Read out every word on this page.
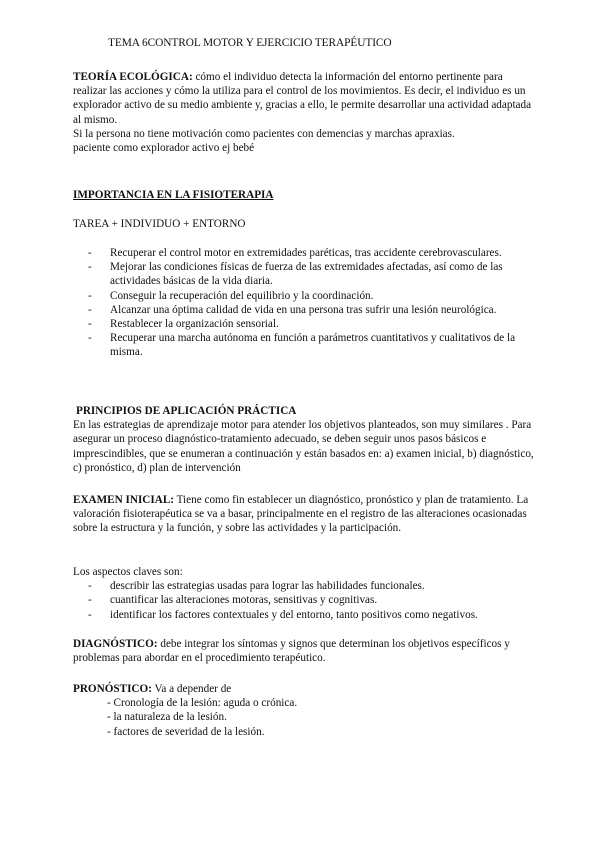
TEMA 6CONTROL MOTOR Y EJERCICIO TERAPÉUTICO

TEORÍA ECOLÓGICA: cómo el individuo detecta la información del entorno pertinente para realizar las acciones y cómo la utiliza para el control de los movimientos. Es decir, el individuo es un explorador activo de su medio ambiente y, gracias a ello, le permite desarrollar una actividad adaptada al mismo.

Si la persona no tiene motivación como pacientes con demencias y marchas apraxias.

paciente como explorador activo ej bebé

IMPORTANCIA EN LA FISIOTERAPIA

TAREA + INDIVIDUO + ENTORNO

- Recuperar el control motor en extremidades paréticas, tras accidente cerebrovasculares.
- Mejorar las condiciones físicas de fuerza de las extremidades afectadas, así como de las actividades básicas de la vida diaria.
- Conseguir la recuperación del equilibrio y la coordinación.
- Alcanzar una óptima calidad de vida en una persona tras sufrir una lesión neurológica.
- Restablecer la organización sensorial.
- Recuperar una marcha autónoma en función a parámetros cuantitativos y cualitativos de la misma.

PRINCIPIOS DE APLICACIÓN PRÁCTICA

En las estrategias de aprendizaje motor para atender los objetivos planteados, son muy similares . Para asegurar un proceso diagnóstico-tratamiento adecuado, se deben seguir unos pasos básicos e imprescindibles, que se enumeran a continuación y están basados en: a) examen inicial, b) diagnóstico, c) pronóstico, d) plan de intervención

EXAMEN INICIAL: Tiene como fin establecer un diagnóstico, pronóstico y plan de tratamiento. La valoración fisioterapéutica se va a basar, principalmente en el registro de las alteraciones ocasionadas sobre la estructura y la función, y sobre las actividades y la participación.

Los aspectos claves son:

- describir las estrategias usadas para lograr las habilidades funcionales.
- cuantificar las alteraciones motoras, sensitivas y cognitivas.
- identificar los factores contextuales y del entorno, tanto positivos como negativos.

DIAGNÓSTICO: debe integrar los síntomas y signos que determinan los objetivos específicos y problemas para abordar en el procedimiento terapéutico.

PRONÓSTICO: Va a depender de

- Cronología de la lesión: aguda o crónica.
- la naturaleza de la lesión.
- factores de severidad de la lesión.
